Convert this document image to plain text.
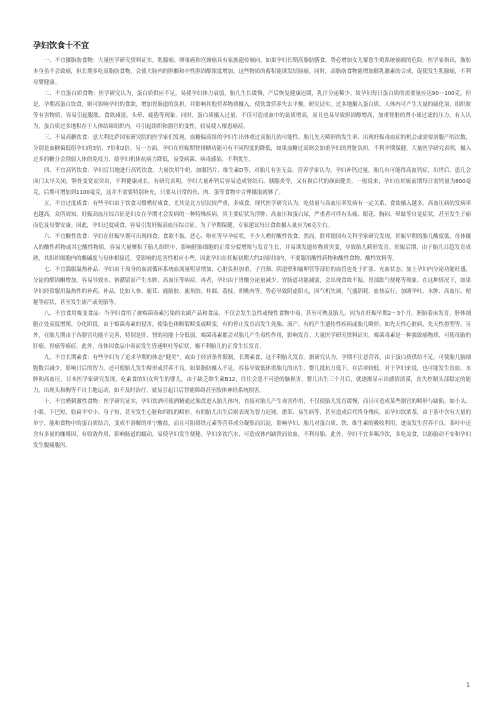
孕妇饮食十不宜

一、不宜摄脂肪食物：大量医学研究资料证实，乳腺癌、卵巢癌和宫颈癌具有家族遗传倾向。如果孕妇长期高脂肪膳食，势必增加女儿罹患生殖系统癌瘤的危险。医学家指出，脂肪本身虽不会致癌，但长期多吃高脂肪食物，会使大肠内的胆酸和中性胆固醇浓度增加，这些物质的蓄积能诱发结肠癌。同时，高脂肪食物能增加催乳激素的合成，促使发生乳腺癌，不利母婴健康。

二、不宜蛋白质食物：医学研究认为，蛋白质供应不足，易使孕妇体力衰弱，胎儿生长缓慢，产后恢复健康迟缓，乳汁分泌稀少。故孕妇每日蛋白质的需要量应达90～100克，但是，孕期高蛋白饮食，则可影响孕妇的食欲，增加胃肠道的负担，并影响其他营养物质摄入，使饮食营养失去平衡。研究证实，过多地摄入蛋白质，人体内可产生大量的硫化氢、组织胺等有害物质，容易引起腹胀、食欲减退、头晕、疲倦等现象。同时，蛋白质摄入过量，不仅可造成血中的氮质增高，而且也易导致胆固醇增高，加重肾脏的肾小球过滤的压力。有人认为，蛋白质过多地积存于人体结缔组织内，可引起组织和器官的变性，较易使人罹患癌症。

三、不易高糖饮食：意大利比萨国家研究院的医学家们发现，血糖偏高组的孕妇生出体重过高胎儿的可能性、胎儿先天畸形的发生率、出现妊娠毒血症的机会或需要剖腹产的次数，分别是血糖偏低组孕妇的3倍、7倍和2倍。另一方面，孕妇在妊娠期肾排糖功能可有不同程度的降低，如果血糖过高则会加重孕妇的肾脏负担，不利孕期保健。大量医学研究表明，摄入过多的糖分会削弱人体的免疫力，使孕妇机体抗病力降低，易受病菌、病毒感染，不利优生。

四、不宜高钙饮食：孕妇盲目地进行高钙饮食，大量饮用牛奶，加服钙片、维生素D等，对胎儿有害无益。营养学家认为，孕妇补钙过量，胎儿有可能得高血钙症，出世后，患儿会囟门太早关闭，颚骨变宽而突出，不利健康成长。有研究表明，孕妇大量补钙后容易造成肾结石、胰腺炎等，又有损后代的颜面健美。一般说来，孕妇在妊娠前期每日需钙量为800毫克，后期可增加到1100毫克，这并不需要特别补充，只要从日常的鱼、肉、蛋等食物中合理摄取就够了。

五、不宜过度咸食：有些孕妇由于饮食习惯嗜好咸食，尤其是北方居民较严重，多咸食。现代医学研究认为，吃盐量与高血压率发病有一定关系，食盐摄入越多，高血压病的发病率也越高。众所周知，妊娠高血压综合征是妇女在孕期才会发病的一种特殊疾病，其主要症状为浮肿、高血压和蛋白尿，严重者可伴有头痛、眼花、胸闷、晕眩等自觉症状，甚至发生子痫而危及母婴安康。因此，孕妇过度咸食，容易引发妊娠高血压综合征。为了孕期保健，专家建议每日食盐摄入量应为6克左右。

六、不宜酸性饮食：孕妇在妊娠早期可出现择食、食欲不振、恶心、呕吐等早孕症状，不少人嗜好酸性饮食。然而，联邦德国有关科学家研究发现，妊娠早期的胎儿酸度低，母体摄入的酸性药物或其它酸性物质，容易大量聚积于胎儿组织中，影响胚胎细胞的正常分裂增殖与发育生长，并易诱发遗传物质突变，导致胎儿畸形发育。妊娠后期，由于胎儿日趋发育成熟，其组织细胞内的酸碱度与母体相接近，受影响的危害性相应小些，因此孕妇在妊娠初期大约2周时间内，不要服用酸性药物和酸性食物、酸性饮料等。

七、不宜滥服温热补品：孕妇由于周身的血液循环系统血流量明显增加，心脏负担加重，子宫颈、阴道壁和输卵管等部位的血管也处于扩张、充血状态；加上孕妇内分泌功能旺盛，分泌的醛固酮增加，容易导致水、钠潴留而产生水肿、高血压等病症。再者，孕妇由于胃酸分泌量减少，胃肠道功能减弱，会出现食欲不振、胃部胀气便秘等现象。在这种情况下，如果孕妇经常服用温热性的补药、补品，比如人参、鹿茸、鹿胎胶、鹿角胶、桂圆、荔枝、胡桃肉等，势必导致阴虚阳亢，因气机失调，气盛阴耗、血热妄行，加剧孕吐、水肿、高血压、便秘等症状，甚至发生流产或死胎等。

八、不宜食用霉变食品：当孕妇食用了被霉菌毒素污染的农副产品和食品，不仅会发生急性或慢性食物中毒，甚至可殃及胎儿。因为在妊娠早期2～3个月，胚胎着床发育，胚体细胞正处高度增殖、分化阶段，由于霉菌毒素的侵害，使染色体断裂畸变或畸变，有的停止发育而发生死胎、流产，有的产生遗传性疾病或胎儿畸形，如先天性心脏病、先天性愚型等。另外，在胎儿期由于各器官功能不完善，特别是肝、肾的功能十分低弱，霉菌毒素都会对胎儿产生毒性作用，影响发育。大量医学研究资料证实，霉菌毒素是一种强致癌物质，可使母胎的肝癌、胃癌等癌症，此外，母体因食品中毒而发生昏迷呕吐等症状，极不利胎儿的正常生长发育。

九、不宜长期素食：有些孕妇为了追求孕期的体态“健美”，或由于经济条件限制，长期素食，这不利胎儿发育。据研究认为，孕期不注意营养，由于蛋白质供给不足，可使胎儿脑细胞数目减少，影响日后的智力，还可使胎儿发生畸形或营养不良。如果脂肪摄入不足，容易导致低体重胎儿的出生，婴儿抵抗力低下，存活率较低。对于孕妇来说，也可能发生贫血、水肿和高血压。日本医学家研究发现，吃素食的妇女所生的婴儿，由于缺乏维生素B12，往往会患不可逆的脑损害，婴儿出生三个月后，就逐渐显示出感情淡漠，丧失控制头部稳定的能力，出现头和胸等不自主地运动，如不及时治疗，就易引起日后智能障碍甚至肢体神经系统损害。

十、不宜嗜刺激性食物：医学研究证实，孕妇饮酒可使酒精通过胎盘进入胎儿体内，直接对胎儿产生毒害作用，不仅使胎儿发育缓慢，而且可造成某些器官的畸形与缺陷，如小头、小眼、下巴短，脸扁平窄小、身子短，甚至发生心脏和四肢的畸形。有的胎儿出生后则表现为智力迟钝、愚笨、易生病等，甚至造成后代终身残疾。而孕妇饮浓茶，由于茶中含有大量的单宁，能和食物中的蛋白质结合，变成不溶解的单宁酸盐，而且可阻碍铁元素等营养成分凝集而沉淀，影响孕妇、胎儿对蛋白质、铁、维生素的吸收利用，进而发生营养不良。茶叶中还含有多量的咖啡因，有收敛作用，影响肠道的蠕动，易使孕妇发生便秘。孕妇多饮汽水，可造成体内缺铁而贫血，不利母胎。此外，孕妇不宜多喝冷饮，多吃凉食，以防胎动不安和孕妇发生腹痛腹泻。

1
